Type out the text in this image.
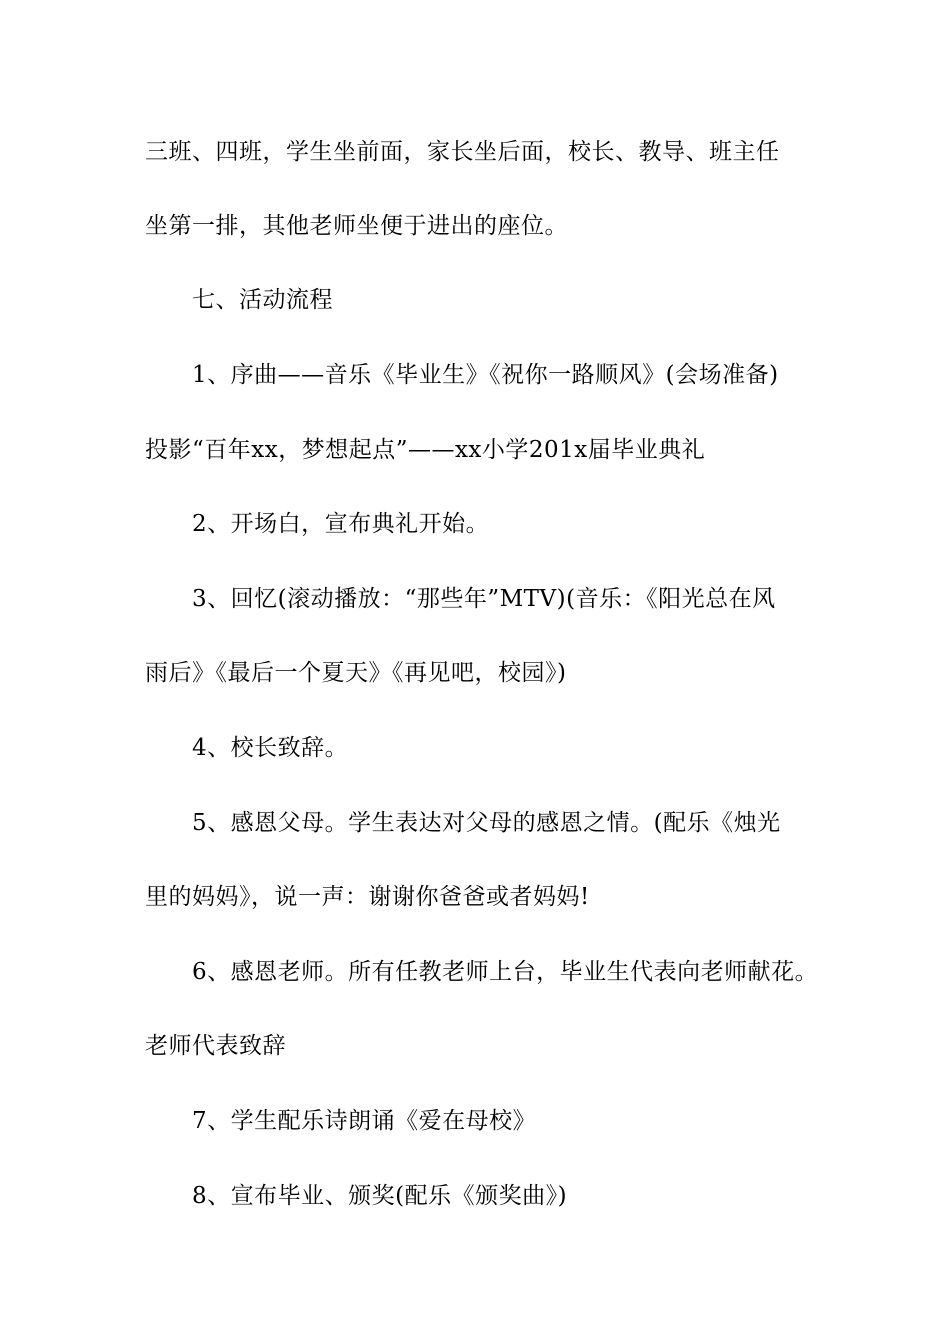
三班、四班，学生坐前面，家长坐后面，校长、教导、班主任
坐第一排，其他老师坐便于进出的座位。
七、活动流程
1、序曲——音乐《毕业生》《祝你一路顺风》(会场准备)
投影“百年xx，梦想起点”——xx小学201x届毕业典礼
2、开场白，宣布典礼开始。
3、回忆(滚动播放：“那些年”MTV)(音乐：《阳光总在风
雨后》《最后一个夏天》《再见吧，校园》)
4、校长致辞。
5、感恩父母。学生表达对父母的感恩之情。(配乐《烛光
里的妈妈》，说一声：谢谢你爸爸或者妈妈!
6、感恩老师。所有任教老师上台，毕业生代表向老师献花。
老师代表致辞
7、学生配乐诗朗诵《爱在母校》
8、宣布毕业、颁奖(配乐《颁奖曲》)
